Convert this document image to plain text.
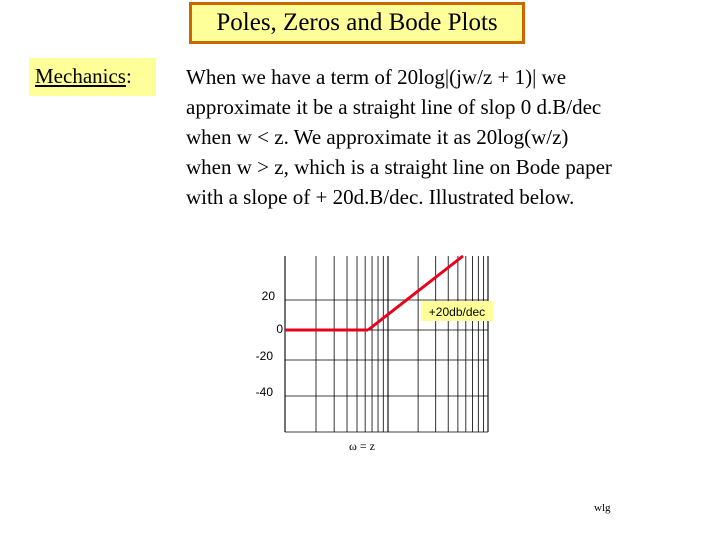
Poles, Zeros and Bode Plots
Mechanics:	When we have a term of 20log|(jw/z + 1)| we
approximate it be a straight line of slop 0 d.B/dec
when w < z. We approximate it as 20log(w/z)
when w > z, which is a straight line on Bode paper
with a slope of + 20d.B/dec. Illustrated below.
+20db/dec
20
0
-20
-40
ω = z
wlg
